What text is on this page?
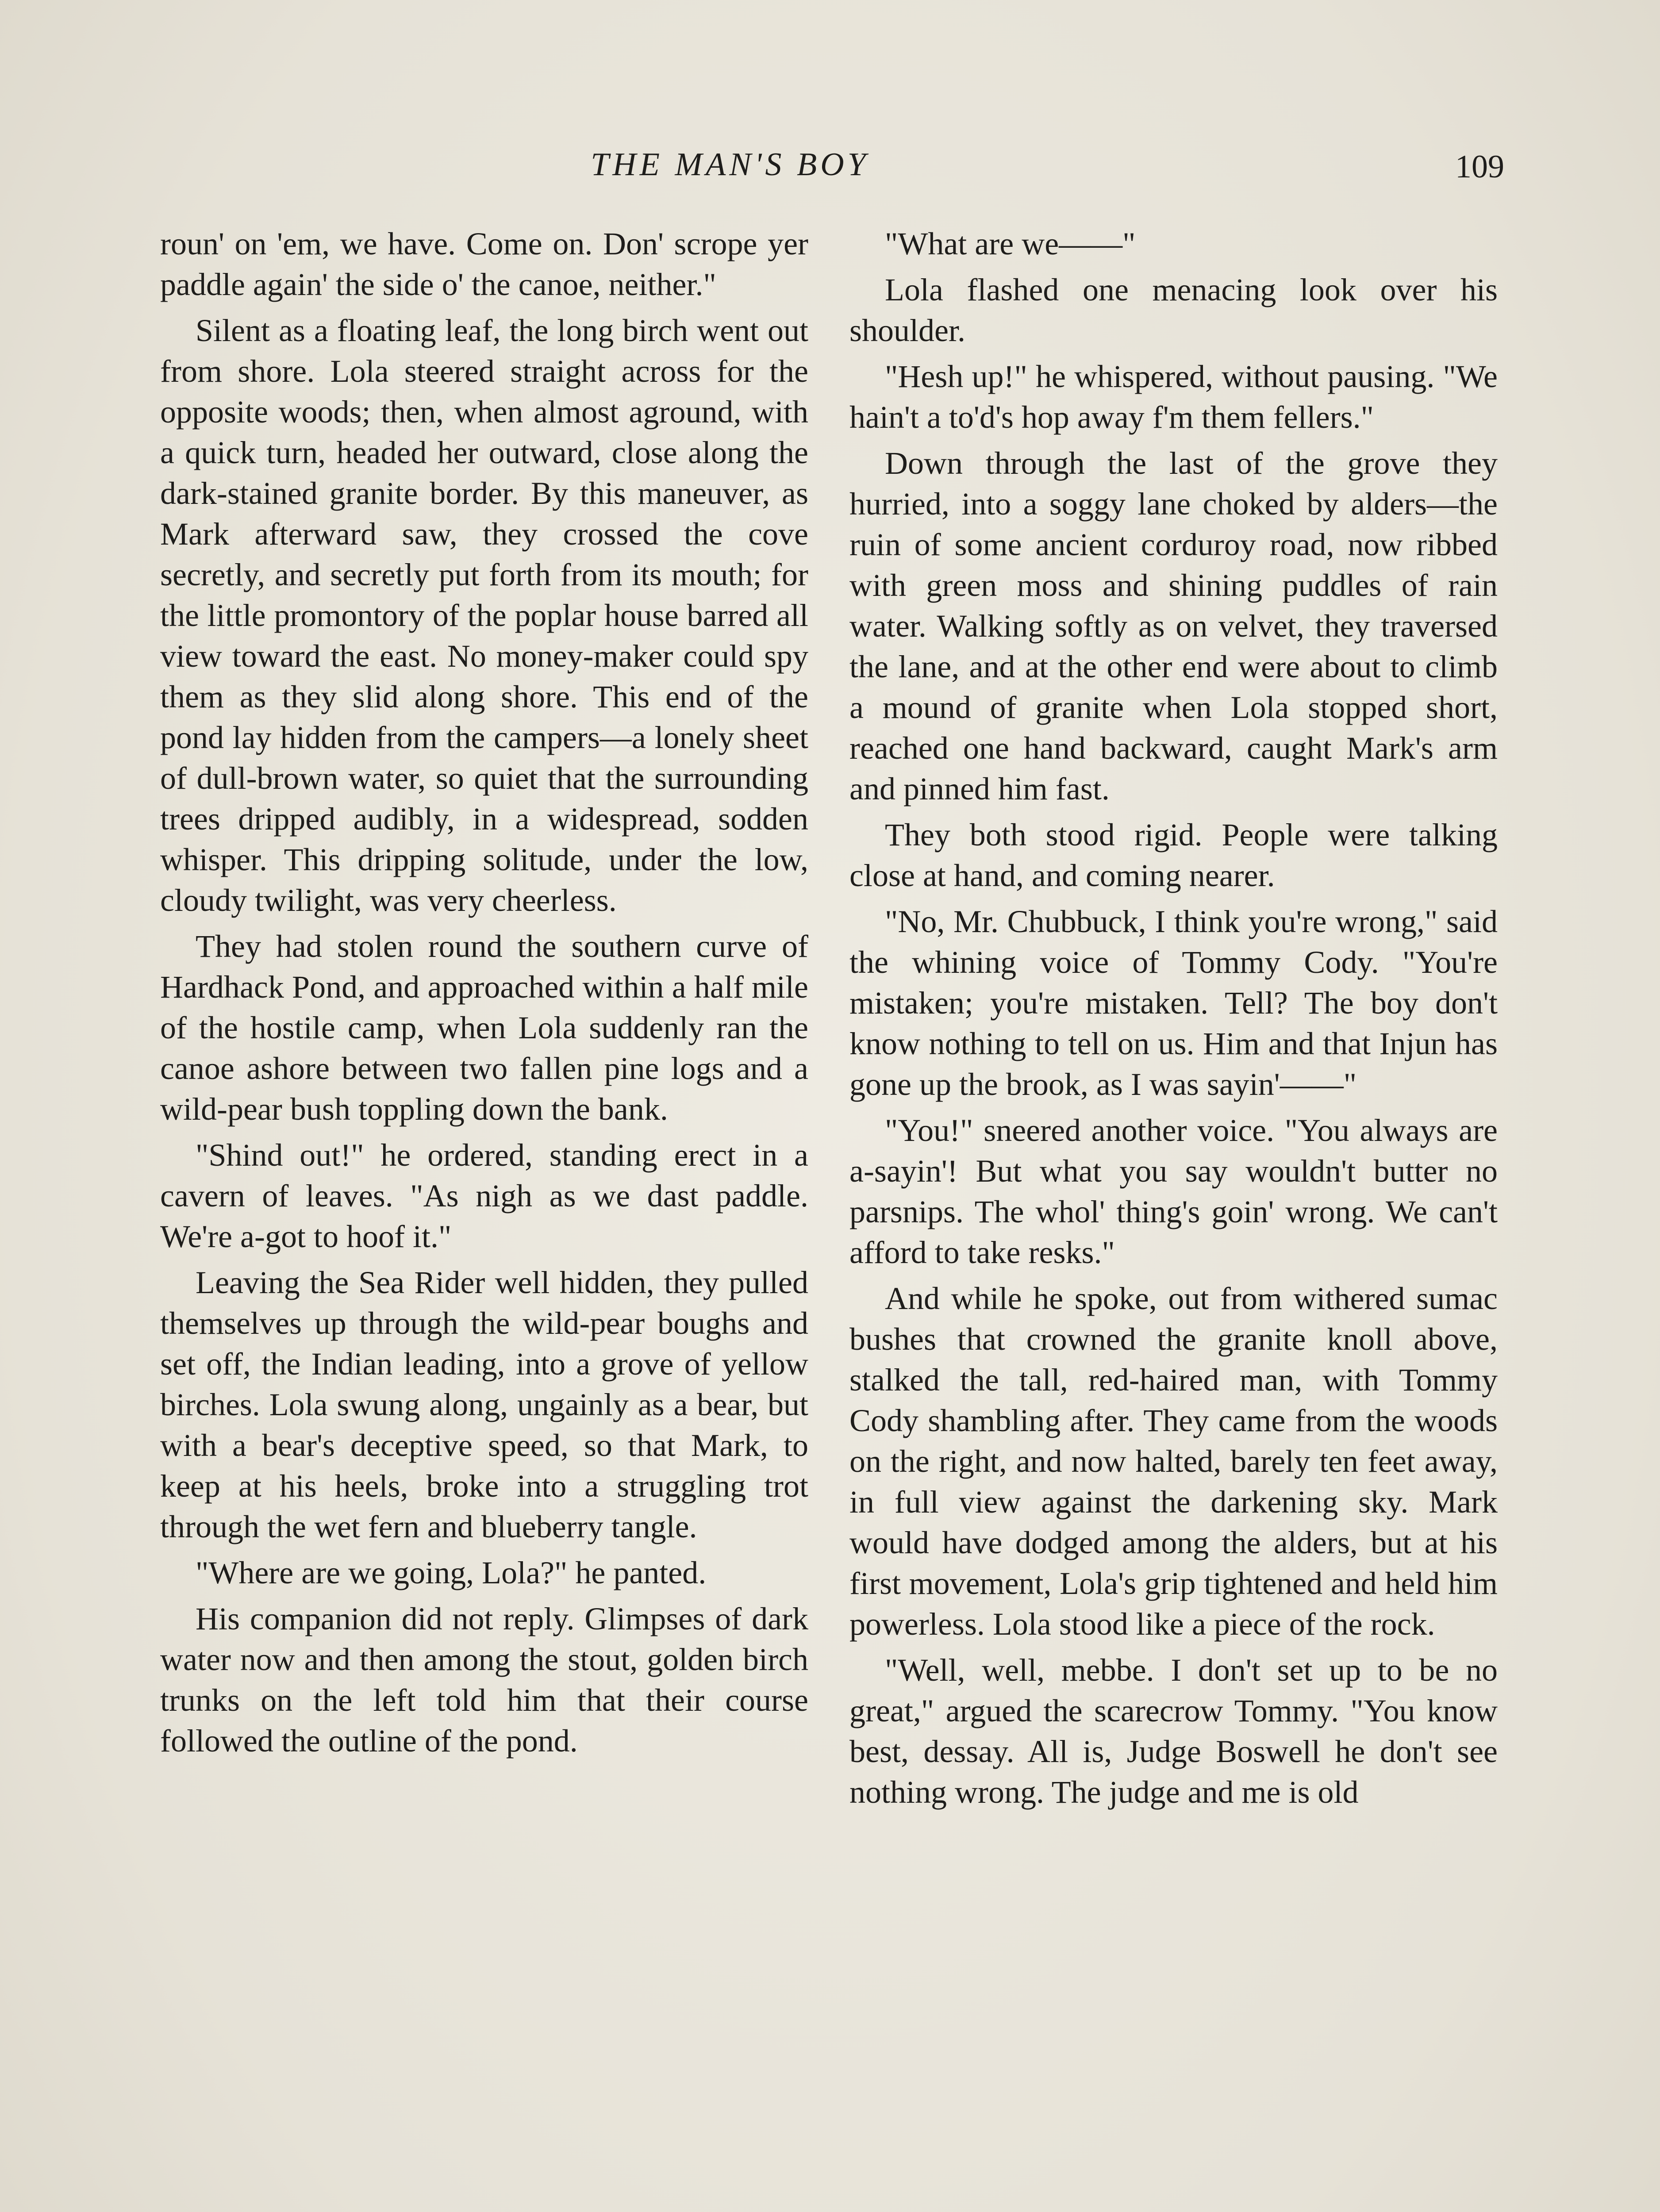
THE MAN'S BOY	109

roun' on 'em, we have. Come on. Don' scrope yer paddle again' the side o' the canoe, neither."

Silent as a floating leaf, the long birch went out from shore. Lola steered straight across for the opposite woods; then, when almost aground, with a quick turn, headed her outward, close along the dark-stained granite border. By this maneuver, as Mark afterward saw, they crossed the cove secretly, and secretly put forth from its mouth; for the little promontory of the poplar house barred all view toward the east. No money-maker could spy them as they slid along shore. This end of the pond lay hidden from the campers—a lonely sheet of dull-brown water, so quiet that the surrounding trees dripped audibly, in a widespread, sodden whisper. This dripping solitude, under the low, cloudy twilight, was very cheerless.

They had stolen round the southern curve of Hardhack Pond, and approached within a half mile of the hostile camp, when Lola suddenly ran the canoe ashore between two fallen pine logs and a wild-pear bush toppling down the bank.

"Shind out!" he ordered, standing erect in a cavern of leaves. "As nigh as we dast paddle. We're a-got to hoof it."

Leaving the Sea Rider well hidden, they pulled themselves up through the wild-pear boughs and set off, the Indian leading, into a grove of yellow birches. Lola swung along, ungainly as a bear, but with a bear's deceptive speed, so that Mark, to keep at his heels, broke into a struggling trot through the wet fern and blueberry tangle.

"Where are we going, Lola?" he panted.

His companion did not reply. Glimpses of dark water now and then among the stout, golden birch trunks on the left told him that their course followed the outline of the pond.

"What are we——"

Lola flashed one menacing look over his shoulder.

"Hesh up!" he whispered, without pausing. "We hain't a to'd's hop away f'm them fellers."

Down through the last of the grove they hurried, into a soggy lane choked by alders—the ruin of some ancient corduroy road, now ribbed with green moss and shining puddles of rain water. Walking softly as on velvet, they traversed the lane, and at the other end were about to climb a mound of granite when Lola stopped short, reached one hand backward, caught Mark's arm and pinned him fast.

They both stood rigid. People were talking close at hand, and coming nearer.

"No, Mr. Chubbuck, I think you're wrong," said the whining voice of Tommy Cody. "You're mistaken; you're mistaken. Tell? The boy don't know nothing to tell on us. Him and that Injun has gone up the brook, as I was sayin'——"

"You!" sneered another voice. "You always are a-sayin'! But what you say wouldn't butter no parsnips. The whol' thing's goin' wrong. We can't afford to take resks."

And while he spoke, out from withered sumac bushes that crowned the granite knoll above, stalked the tall, red-haired man, with Tommy Cody shambling after. They came from the woods on the right, and now halted, barely ten feet away, in full view against the darkening sky. Mark would have dodged among the alders, but at his first movement, Lola's grip tightened and held him powerless. Lola stood like a piece of the rock.

"Well, well, mebbe. I don't set up to be no great," argued the scarecrow Tommy. "You know best, dessay. All is, Judge Boswell he don't see nothing wrong. The judge and me is old
